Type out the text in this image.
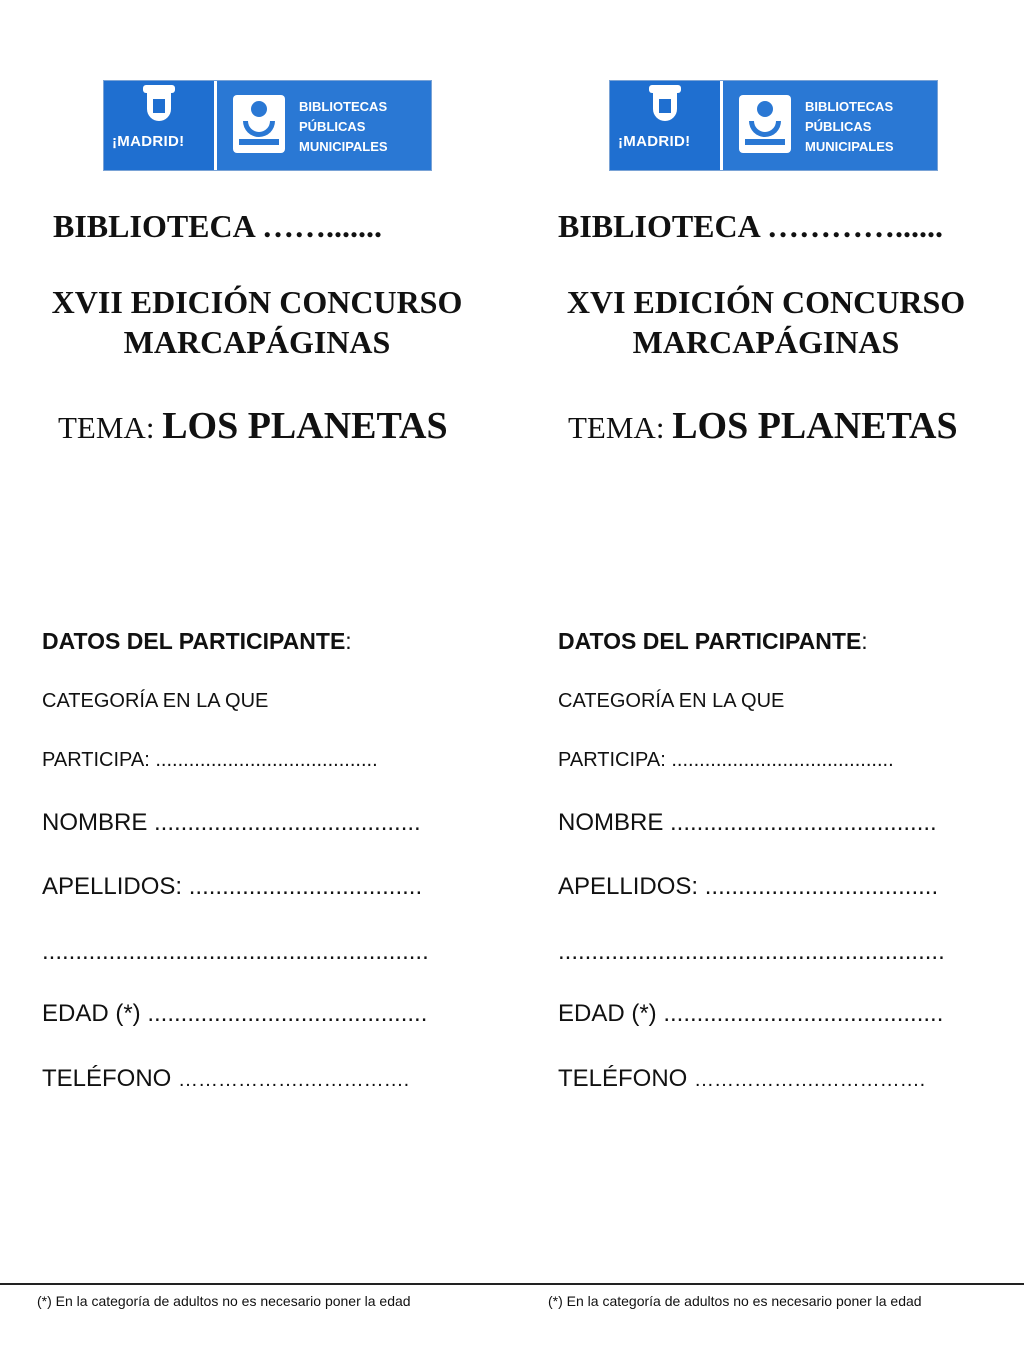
¡MADRID!
BIBLIOTECAS
PÚBLICAS
MUNICIPALES
BIBLIOTECA …….......
XVII EDICIÓN CONCURSO
MARCAPÁGINAS
TEMA: LOS PLANETAS
DATOS DEL PARTICIPANTE:
CATEGORÍA EN LA QUE
PARTICIPA: ........................................
NOMBRE ........................................
APELLIDOS: ...................................
..........................................................
EDAD (*) ..........................................
TELÉFONO ……………….…………….
¡MADRID!
BIBLIOTECAS
PÚBLICAS
MUNICIPALES
BIBLIOTECA …………......
XVI EDICIÓN CONCURSO
MARCAPÁGINAS
TEMA: LOS PLANETAS
DATOS DEL PARTICIPANTE:
CATEGORÍA EN LA QUE
PARTICIPA: ........................................
NOMBRE ........................................
APELLIDOS: ...................................
..........................................................
EDAD (*) ..........................................
TELÉFONO ……………….…………….
(*) En la categoría de adultos no es necesario poner la edad	(*) En la categoría de adultos no es necesario poner la edad
